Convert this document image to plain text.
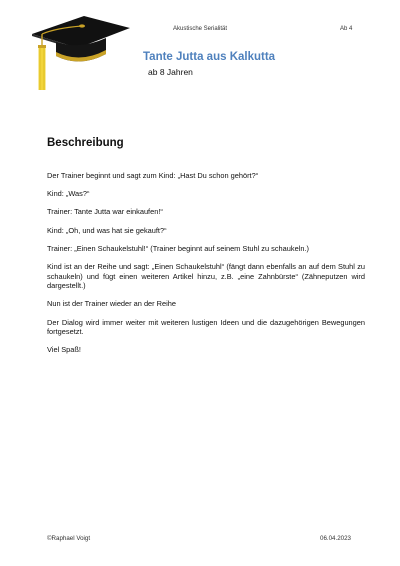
Akustische Serialität	Ab 4
Tante Jutta aus Kalkutta
ab 8 Jahren
Beschreibung

Der Trainer beginnt und sagt zum Kind: „Hast Du schon gehört?“

Kind: „Was?“

Trainer: Tante Jutta war einkaufen!“

Kind: „Oh, und was hat sie gekauft?“

Trainer: „Einen Schaukelstuhl!“ (Trainer beginnt auf seinem Stuhl zu schaukeln.)

Kind ist an der Reihe und sagt: „Einen Schaukelstuhl“ (fängt dann ebenfalls an auf dem Stuhl zu schaukeln) und fügt einen weiteren Artikel hinzu, z.B. „eine Zahnbürste“ (Zähneputzen wird dargestellt.)

Nun ist der Trainer wieder an der Reihe

Der Dialog wird immer weiter mit weiteren lustigen Ideen und die dazugehörigen Bewegungen fortgesetzt.

Viel Spaß!

©Raphael Voigt	06.04.2023
